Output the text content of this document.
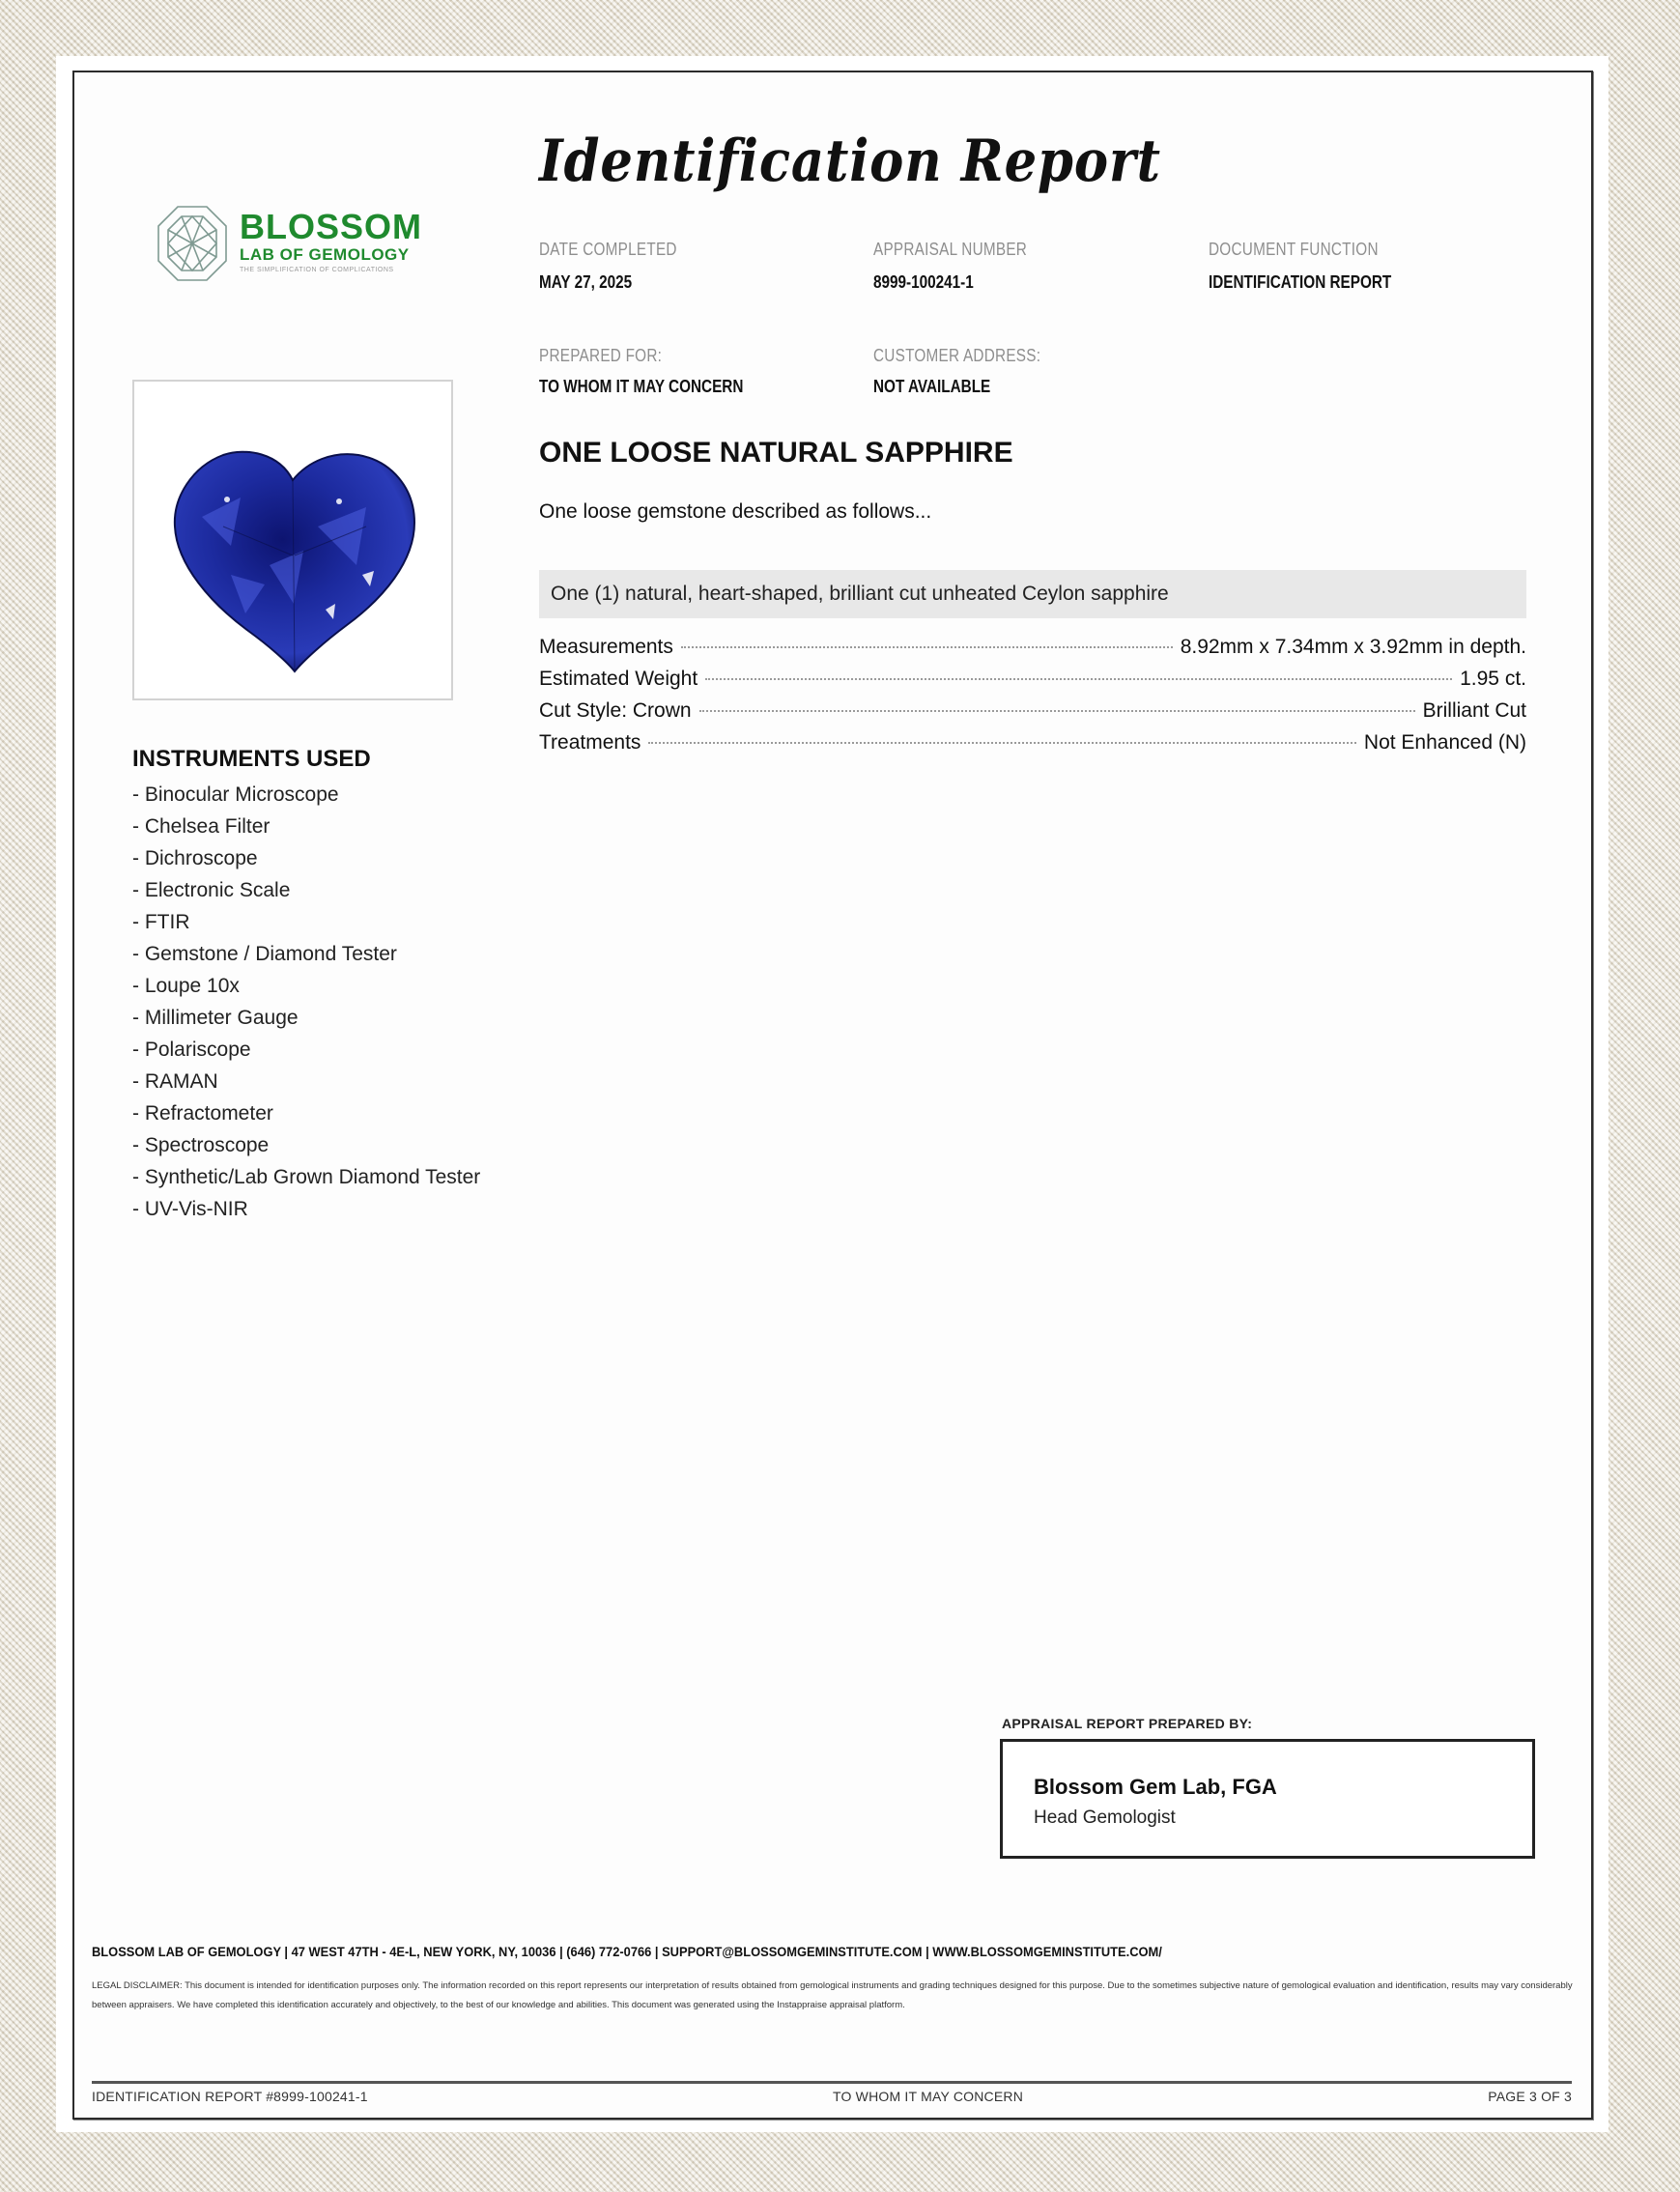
Identification Report
BLOSSOM
LAB OF GEMOLOGY
THE SIMPLIFICATION OF COMPLICATIONS
DATE COMPLETED
MAY 27, 2025
APPRAISAL NUMBER
8999-100241-1
DOCUMENT FUNCTION
IDENTIFICATION REPORT
PREPARED FOR:
TO WHOM IT MAY CONCERN
CUSTOMER ADDRESS:
NOT AVAILABLE
ONE LOOSE NATURAL SAPPHIRE
One loose gemstone described as follows...
One (1) natural, heart-shaped, brilliant cut unheated Ceylon sapphire
Measurements	8.92mm x 7.34mm x 3.92mm in depth.
Estimated Weight	1.95 ct.
Cut Style: Crown	Brilliant Cut
Treatments	Not Enhanced (N)
INSTRUMENTS USED
- Binocular Microscope
- Chelsea Filter
- Dichroscope
- Electronic Scale
- FTIR
- Gemstone / Diamond Tester
- Loupe 10x
- Millimeter Gauge
- Polariscope
- RAMAN
- Refractometer
- Spectroscope
- Synthetic/Lab Grown Diamond Tester
- UV-Vis-NIR
APPRAISAL REPORT PREPARED BY:
Blossom Gem Lab, FGA
Head Gemologist
BLOSSOM LAB OF GEMOLOGY | 47 WEST 47TH - 4E-L, NEW YORK, NY, 10036 | (646) 772-0766 | SUPPORT@BLOSSOMGEMINSTITUTE.COM | WWW.BLOSSOMGEMINSTITUTE.COM/
LEGAL DISCLAIMER: This document is intended for identification purposes only. The information recorded on this report represents our interpretation of results obtained from gemological instruments and grading techniques designed for this purpose. Due to the sometimes subjective nature of gemological evaluation and identification, results may vary considerably between appraisers. We have completed this identification accurately and objectively, to the best of our knowledge and abilities. This document was generated using the Instappraise appraisal platform.
IDENTIFICATION REPORT #8999-100241-1	TO WHOM IT MAY CONCERN	PAGE 3 OF 3
